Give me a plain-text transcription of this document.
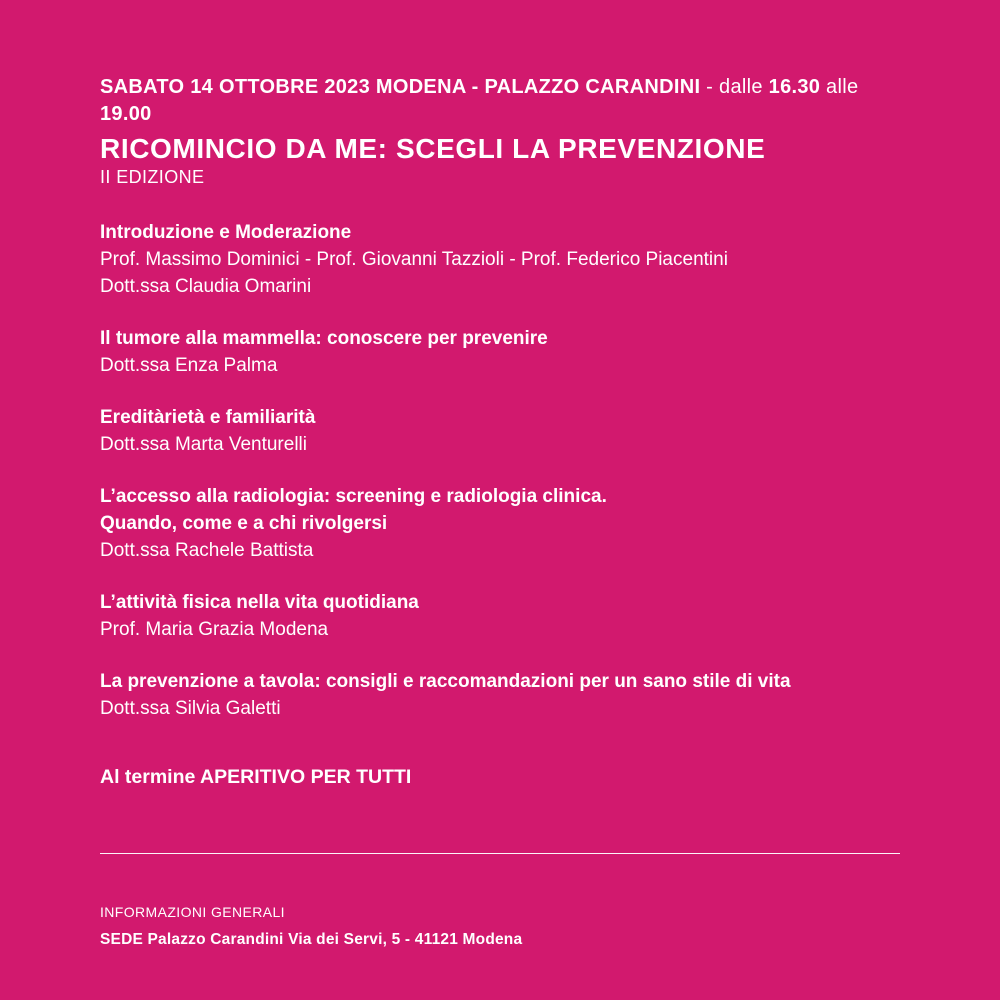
SABATO 14 OTTOBRE 2023 MODENA - PALAZZO CARANDINI - dalle 16.30 alle 19.00
RICOMINCIO DA ME: SCEGLI LA PREVENZIONE
II EDIZIONE
Introduzione e Moderazione
Prof. Massimo Dominici - Prof. Giovanni Tazzioli - Prof. Federico Piacentini
Dott.ssa Claudia Omarini
Il tumore alla mammella: conoscere per prevenire
Dott.ssa Enza Palma
Ereditàrietà e familiarità
Dott.ssa Marta Venturelli
L’accesso alla radiologia: screening e radiologia clinica.
Quando, come e a chi rivolgersi
Dott.ssa Rachele Battista
L’attività fisica nella vita quotidiana
Prof. Maria Grazia Modena
La prevenzione a tavola: consigli e raccomandazioni per un sano stile di vita
Dott.ssa Silvia Galetti
Al termine APERITIVO PER TUTTI
INFORMAZIONI GENERALI
SEDE Palazzo Carandini Via dei Servi, 5 - 41121 Modena
